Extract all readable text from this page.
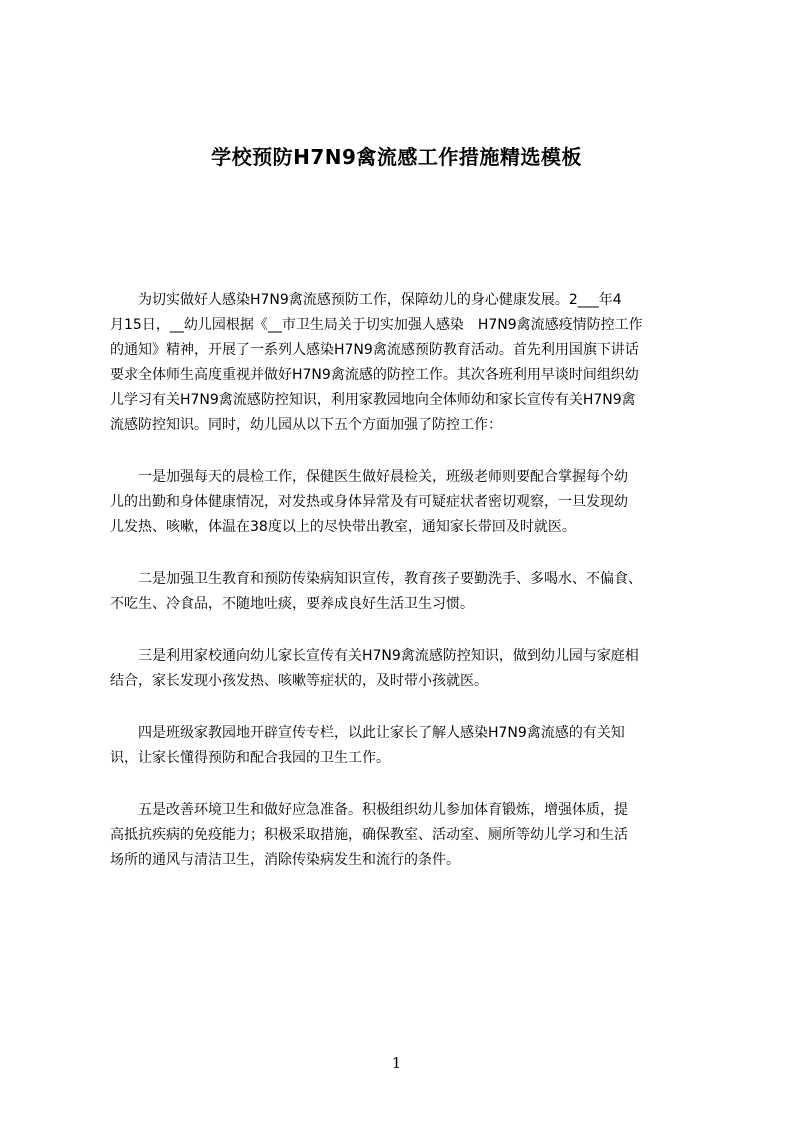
学校预防H7N9禽流感工作措施精选模板

　　为切实做好人感染H7N9禽流感预防工作，保障幼儿的身心健康发展。2___年4
月15日，__幼儿园根据《__市卫生局关于切实加强人感染　H7N9禽流感疫情防控工作
的通知》精神，开展了一系列人感染H7N9禽流感预防教育活动。首先利用国旗下讲话
要求全体师生高度重视并做好H7N9禽流感的防控工作。其次各班利用早谈时间组织幼
儿学习有关H7N9禽流感防控知识，利用家教园地向全体师幼和家长宣传有关H7N9禽
流感防控知识。同时，幼儿园从以下五个方面加强了防控工作：

　　一是加强每天的晨检工作，保健医生做好晨检关，班级老师则要配合掌握每个幼
儿的出勤和身体健康情况，对发热或身体异常及有可疑症状者密切观察，一旦发现幼
儿发热、咳嗽，体温在38度以上的尽快带出教室，通知家长带回及时就医。

　　二是加强卫生教育和预防传染病知识宣传，教育孩子要勤洗手、多喝水、不偏食、
不吃生、冷食品，不随地吐痰，要养成良好生活卫生习惯。

　　三是利用家校通向幼儿家长宣传有关H7N9禽流感防控知识，做到幼儿园与家庭相
结合，家长发现小孩发热、咳嗽等症状的，及时带小孩就医。

　　四是班级家教园地开辟宣传专栏，以此让家长了解人感染H7N9禽流感的有关知
识，让家长懂得预防和配合我园的卫生工作。

　　五是改善环境卫生和做好应急准备。积极组织幼儿参加体育锻炼，增强体质，提
高抵抗疾病的免疫能力；积极采取措施，确保教室、活动室、厕所等幼儿学习和生活
场所的通风与清洁卫生，消除传染病发生和流行的条件。

1
